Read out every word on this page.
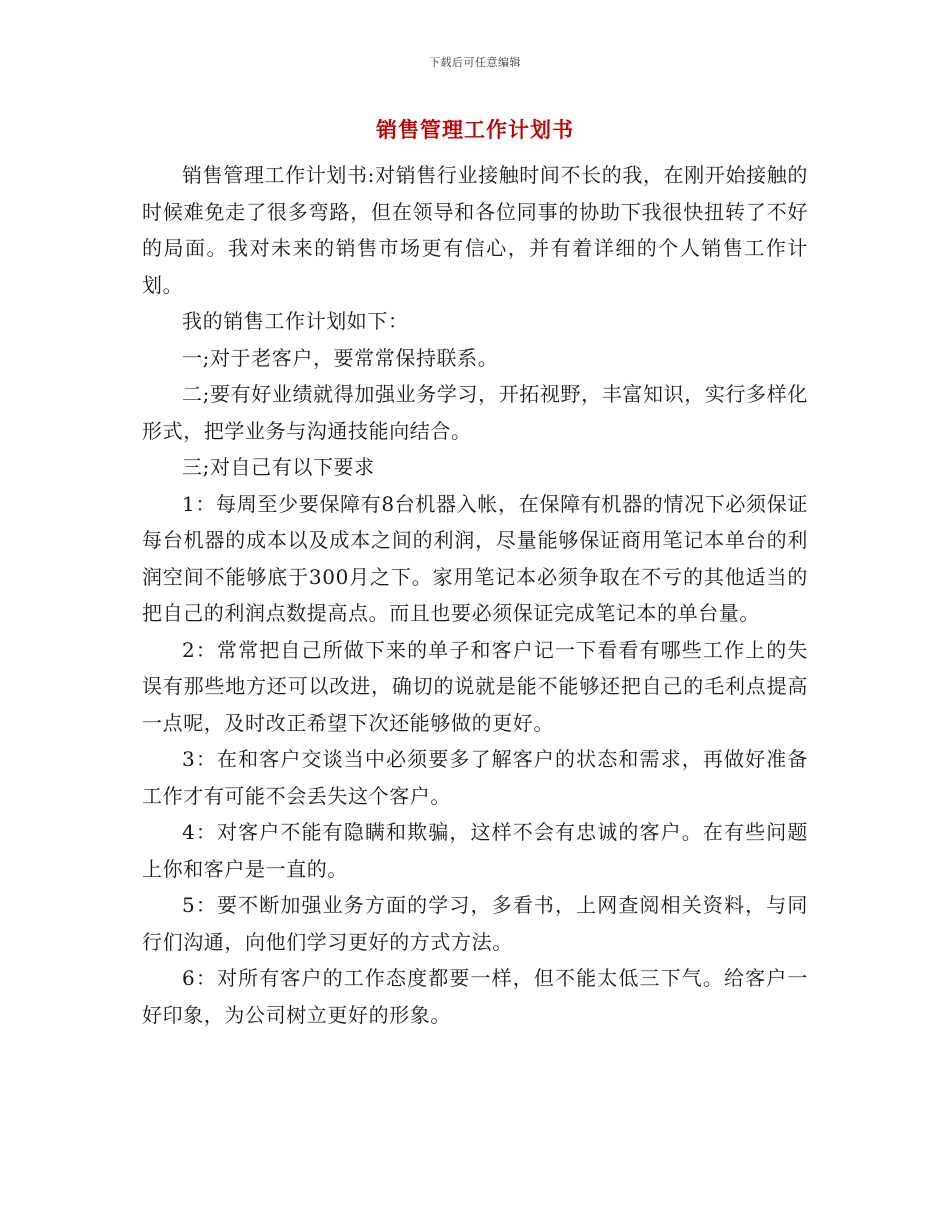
下载后可任意编辑
销售管理工作计划书

销售管理工作计划书:对销售行业接触时间不长的我，在刚开始接触的时候难免走了很多弯路，但在领导和各位同事的协助下我很快扭转了不好的局面。我对未来的销售市场更有信心，并有着详细的个人销售工作计划。

我的销售工作计划如下：

一;对于老客户，要常常保持联系。

二;要有好业绩就得加强业务学习，开拓视野，丰富知识，实行多样化形式，把学业务与沟通技能向结合。

三;对自己有以下要求

1：每周至少要保障有8台机器入帐，在保障有机器的情况下必须保证每台机器的成本以及成本之间的利润，尽量能够保证商用笔记本单台的利润空间不能够底于300月之下。家用笔记本必须争取在不亏的其他适当的把自己的利润点数提高点。而且也要必须保证完成笔记本的单台量。

2：常常把自己所做下来的单子和客户记一下看看有哪些工作上的失误有那些地方还可以改进，确切的说就是能不能够还把自己的毛利点提高一点呢，及时改正希望下次还能够做的更好。

3：在和客户交谈当中必须要多了解客户的状态和需求，再做好准备工作才有可能不会丢失这个客户。

4：对客户不能有隐瞒和欺骗，这样不会有忠诚的客户。在有些问题上你和客户是一直的。

5：要不断加强业务方面的学习，多看书，上网查阅相关资料，与同行们沟通，向他们学习更好的方式方法。

6：对所有客户的工作态度都要一样，但不能太低三下气。给客户一好印象，为公司树立更好的形象。
